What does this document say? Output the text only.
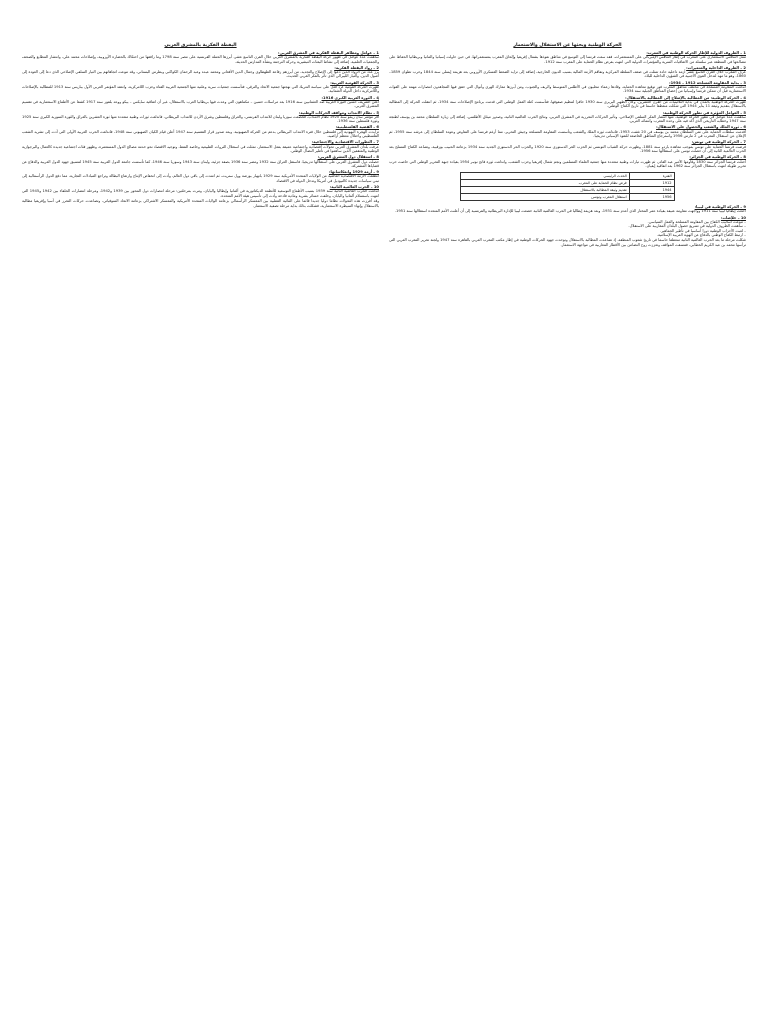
الحركة الوطنية وبحثها عن الاستقلال والاستعمار
1 – الظروف الدولية للإطار الحركة الوطنية في المغرب:
تمثل التنافس الاستعماري على المغرب في إطار التنافس الإمبريالي على المستعمرات، فقد سعت فرنسا إلى التوسع في مناطق نفوذها بشمال إفريقيا وإلحاق المغرب بمستعمراتها، في حين حاولت إسبانيا والمانيا وبريطانيا الحفاظ على مصالحها في المنطقة عبر سلسلة من الاتفاقيات السرية والمؤتمرات الدولية التي انتهت بفرض نظام الحماية على المغرب سنة 1912.
2 – الظروف الداخلية والمتغيرات:
عرف المغرب خلال القرن التاسع عشر أزمة داخلية حادة تمثلت في ضعف السلطة المركزية وتفاقم الأزمة المالية بسبب الديون الخارجية، إضافة إلى تزايد الضغط العسكري الأوروبي بعد هزيمة إيسلي سنة 1844 وحرب تطوان 1859–1860، وهو ما مهد لتدخل القوى الأجنبية في الشؤون الداخلية للبلاد.
3 – بداية المقاومة المسلحة 1912 – 1934:
اندلعت المقاومة المسلحة في مختلف مناطق المغرب فور توقيع معاهدة الحماية، وقادها زعماء محليون في الأطلس المتوسط والريف والجنوب، ومن أبرزها معارك الهري وأنوال التي حقق فيها المجاهدون انتصارات مهمة على القوات الاستعمارية قبل أن تتمكن فرنسا وإسبانيا من إخضاع المناطق الجبلية سنة 1934.
4 – الحركة الوطنية: من المطالبة بالإصلاح إلى المطالبة بالاستقلال:
ظهرت الحركة الوطنية بالمدن في بداية الثلاثينيات من القرن العشرين، وكان الظهير البربري سنة 1930 حافزا لتنظيم صفوفها، فتأسست كتلة العمل الوطني التي قدمت برنامج الإصلاحات سنة 1934، ثم انتقلت الحركة إلى المطالبة بالاستقلال بتقديم وثيقة 11 يناير 1944 التي شكلت منعطفا حاسما في تاريخ الكفاح الوطني.
5 – العوامل المؤثرة في تطور الحركة الوطنية:
ساهمت عدة عوامل في تطور الحركة الوطنية، منها انتشار الفكر السلفي الإصلاحي، وتأثير الحركات التحررية في المشرق العربي، ونتائج الحرب العالمية الثانية، وصدور ميثاق الأطلسي، إضافة إلى زيارة السلطان محمد بن يوسف لطنجة سنة 1947 وخطابه التاريخي الذي أكد فيه على وحدة المغرب وانتمائه العربي.
6 – ثورة الملك والشعب والحصول على الاستقلال:
أقدمت سلطات الحماية على نفي السلطان محمد بن يوسف في 20 غشت 1953، فاندلعت ثورة الملك والشعب وتأسست المقاومة المسلحة وجيش التحرير، مما أرغم فرنسا على التفاوض وعودة السلطان إلى عرشه سنة 1955، ثم الإعلان عن استقلال المغرب في 2 مارس 1956 واسترجاع المناطق الخاضعة للنفوذ الإسباني تدريجيا.
7 – الحركة الوطنية في تونس:
فرضت فرنسا الحماية على تونس بموجب معاهدة باردو سنة 1881، وظهرت حركة الشباب التونسي ثم الحزب الحر الدستوري سنة 1920 والحزب الحر الدستوري الجديد سنة 1934 بزعامة الحبيب بورقيبة، وتصاعد الكفاح المسلح بعد الحرب العالمية الثانية إلى أن حصلت تونس على استقلالها سنة 1956.
8 – الحركة الوطنية في الجزائر:
احتلت فرنسا الجزائر سنة 1830 وقاومها الأمير عبد القادر، ثم ظهرت تيارات وطنية متعددة منها جمعية العلماء المسلمين ونجم شمال إفريقيا وحزب الشعب، واندلعت ثورة فاتح نونبر 1954 بقيادة جبهة التحرير الوطني التي خاضت حرب تحرير طويلة انتهت باستقلال الجزائر سنة 1962 بعد اتفاقية إيفيان.
الفترة	الحدث الرئيسي
1912	فرض نظام الحماية على المغرب
1944	تقديم وثيقة المطالبة بالاستقلال
1956	استقلال المغرب وتونس
9 – الحركة الوطنية في ليبيا:
احتلت إيطاليا ليبيا سنة 1911 وواجهت مقاومة عنيفة بقيادة عمر المختار الذي أعدم سنة 1931، وبعد هزيمة إيطاليا في الحرب العالمية الثانية خضعت ليبيا للإدارة البريطانية والفرنسية إلى أن أعلنت الأمم المتحدة استقلالها سنة 1951.
10 – خلاصات:
– تنوعت أساليب الكفاح بين المقاومة المسلحة والعمل السياسي.
– ساهمت الظروف الدولية في تسريع حصول البلدان المغاربية على الاستقلال.
– لعبت الأحزاب الوطنية دورا أساسيا في تأطير الجماهير.
– ارتبط الكفاح الوطني بالدفاع عن الهوية العربية الإسلامية.
شكلت مرحلة ما بعد الحرب العالمية الثانية منعطفا حاسما في تاريخ شعوب المنطقة، إذ تصاعدت المطالبة بالاستقلال وتوحدت جهود الحركات الوطنية في إطار مكتب المغرب العربي بالقاهرة سنة 1947 ولجنة تحرير المغرب العربي التي ترأسها محمد بن عبد الكريم الخطابي، فتنسقت المواقف وتعززت روح التضامن بين الأقطار المغاربية في مواجهة الاستعمار.
اليقظة الفكرية بالمشرق العربي
1 – عوامل ومظاهر اليقظة الفكرية في المشرق العربي:
ساهمت عدة عوامل في ظهور حركة اليقظة الفكرية بالمشرق العربي خلال القرن التاسع عشر، أبرزها الحملة الفرنسية على مصر سنة 1798 وما رافقها من احتكاك بالحضارة الأوروبية، وإصلاحات محمد علي، وانتشار المطابع والصحف والجمعيات العلمية، إضافة إلى نشاط البعثات التبشيرية وحركة الترجمة ونشأة المدارس الحديثة.
2 – رواد اليقظة الفكرية:
برز عدد من الرواد الذين دعوا إلى الإصلاح والتجديد، من أبرزهم رفاعة الطهطاوي وجمال الدين الأفغاني ومحمد عبده وعبد الرحمان الكواكبي وبطرس البستاني، وقد تنوعت اتجاهاتهم بين التيار السلفي الإصلاحي الذي دعا إلى العودة إلى أصول الدين، والتيار الليبرالي الذي تأثر بالفكر الغربي الحديث.
3 – الحركة القومية العربية:
ظهرت الحركة القومية كرد فعل على سياسة التتريك التي نهجتها جمعية الاتحاد والترقي، فتأسست جمعيات سرية وعلنية منها الجمعية العربية الفتاة وحزب اللامركزية، وانعقد المؤتمر العربي الأول بباريس سنة 1913 للمطالبة بالإصلاحات واللامركزية داخل الدولة العثمانية.
4 – الثورة العربية الكبرى 1916:
أعلن الشريف حسين الثورة العربية ضد العثمانيين سنة 1916 بعد مراسلات حسين – مكماهون التي وعدت فيها بريطانيا العرب بالاستقلال، غير أن اتفاقية سايكس – بيكو ووعد بلفور سنة 1917 كشفا عن الأطماع الاستعمارية في تقسيم المشرق العربي.
5 – نظام الانتداب ومواقف الحركات الوطنية:
أقر مؤتمر سان ريمو سنة 1920 نظام الانتداب، فخضعت سوريا ولبنان للانتداب الفرنسي، والعراق وفلسطين وشرق الأردن للانتداب البريطاني، فاندلعت ثورات وطنية متعددة منها ثورة العشرين بالعراق والثورة السورية الكبرى سنة 1925 وثورة فلسطين سنة 1936.
6 – القضية الفلسطينية:
تزايدت الهجرة اليهودية إلى فلسطين خلال فترة الانتداب البريطاني بدعم من الحركة الصهيونية، وبعد صدور قرار التقسيم سنة 1947 أعلن قيام الكيان الصهيوني سنة 1948، فاندلعت الحرب العربية الأولى التي أدت إلى تشريد الشعب الفلسطيني واحتلال معظم أراضيه.
7 – التطورات الاقتصادية والاجتماعية:
عرفت بلدان المشرق العربي تحولات اقتصادية واجتماعية عميقة بفعل الاستعمار، تمثلت في استغلال الثروات الطبيعية وخاصة النفط، وتوجيه الاقتصاد نحو خدمة مصالح الدول المستعمرة، وظهور فئات اجتماعية جديدة كالعمال والبرجوازية الوطنية والمثقفين الذين ساهموا في تأطير النضال الوطني.
8 – استقلال دول المشرق العربي:
حصلت دول المشرق العربي على استقلالها تدريجيا، فاستقل العراق سنة 1932 ومصر سنة 1936 بصفة جزئية، ولبنان سنة 1943 وسوريا سنة 1946، كما تأسست جامعة الدول العربية سنة 1945 لتنسيق جهود الدول العربية والدفاع عن قضاياها المشتركة.
9 – أزمة 1929 وانعكاساتها:
انطلقت الأزمة الاقتصادية العالمية من الولايات المتحدة الأمريكية سنة 1929 بانهيار بورصة وول ستريت، ثم امتدت إلى باقي دول العالم، وأدت إلى انخفاض الإنتاج وارتفاع البطالة وتراجع المبادلات التجارية، مما دفع الدول الرأسمالية إلى تبني سياسات جديدة كالنيوديل في أمريكا وتدخل الدولة في الاقتصاد.
10 – الحرب العالمية الثانية:
اندلعت الحرب العالمية الثانية سنة 1939 بسبب الأطماع التوسعية للأنظمة الديكتاتورية في ألمانيا وإيطاليا واليابان، ومرت بمرحلتين: مرحلة انتصارات دول المحور بين 1939 و1942، ومرحلة انتصارات الحلفاء بين 1942 و1945 التي انتهت باستسلام ألمانيا واليابان، وخلفت خسائر بشرية ومادية فادحة وأدت إلى تأسيس هيئة الأمم المتحدة.
وقد أفرزت هذه التحولات نظاما دوليا جديدا قائما على الثنائية القطبية بين المعسكر الرأسمالي بزعامة الولايات المتحدة الأمريكية والمعسكر الاشتراكي بزعامة الاتحاد السوفياتي، وتصاعدت حركات التحرر في آسيا وإفريقيا مطالبة بالاستقلال وإنهاء السيطرة الاستعمارية، فشكلت بذلك بداية مرحلة تصفية الاستعمار.
